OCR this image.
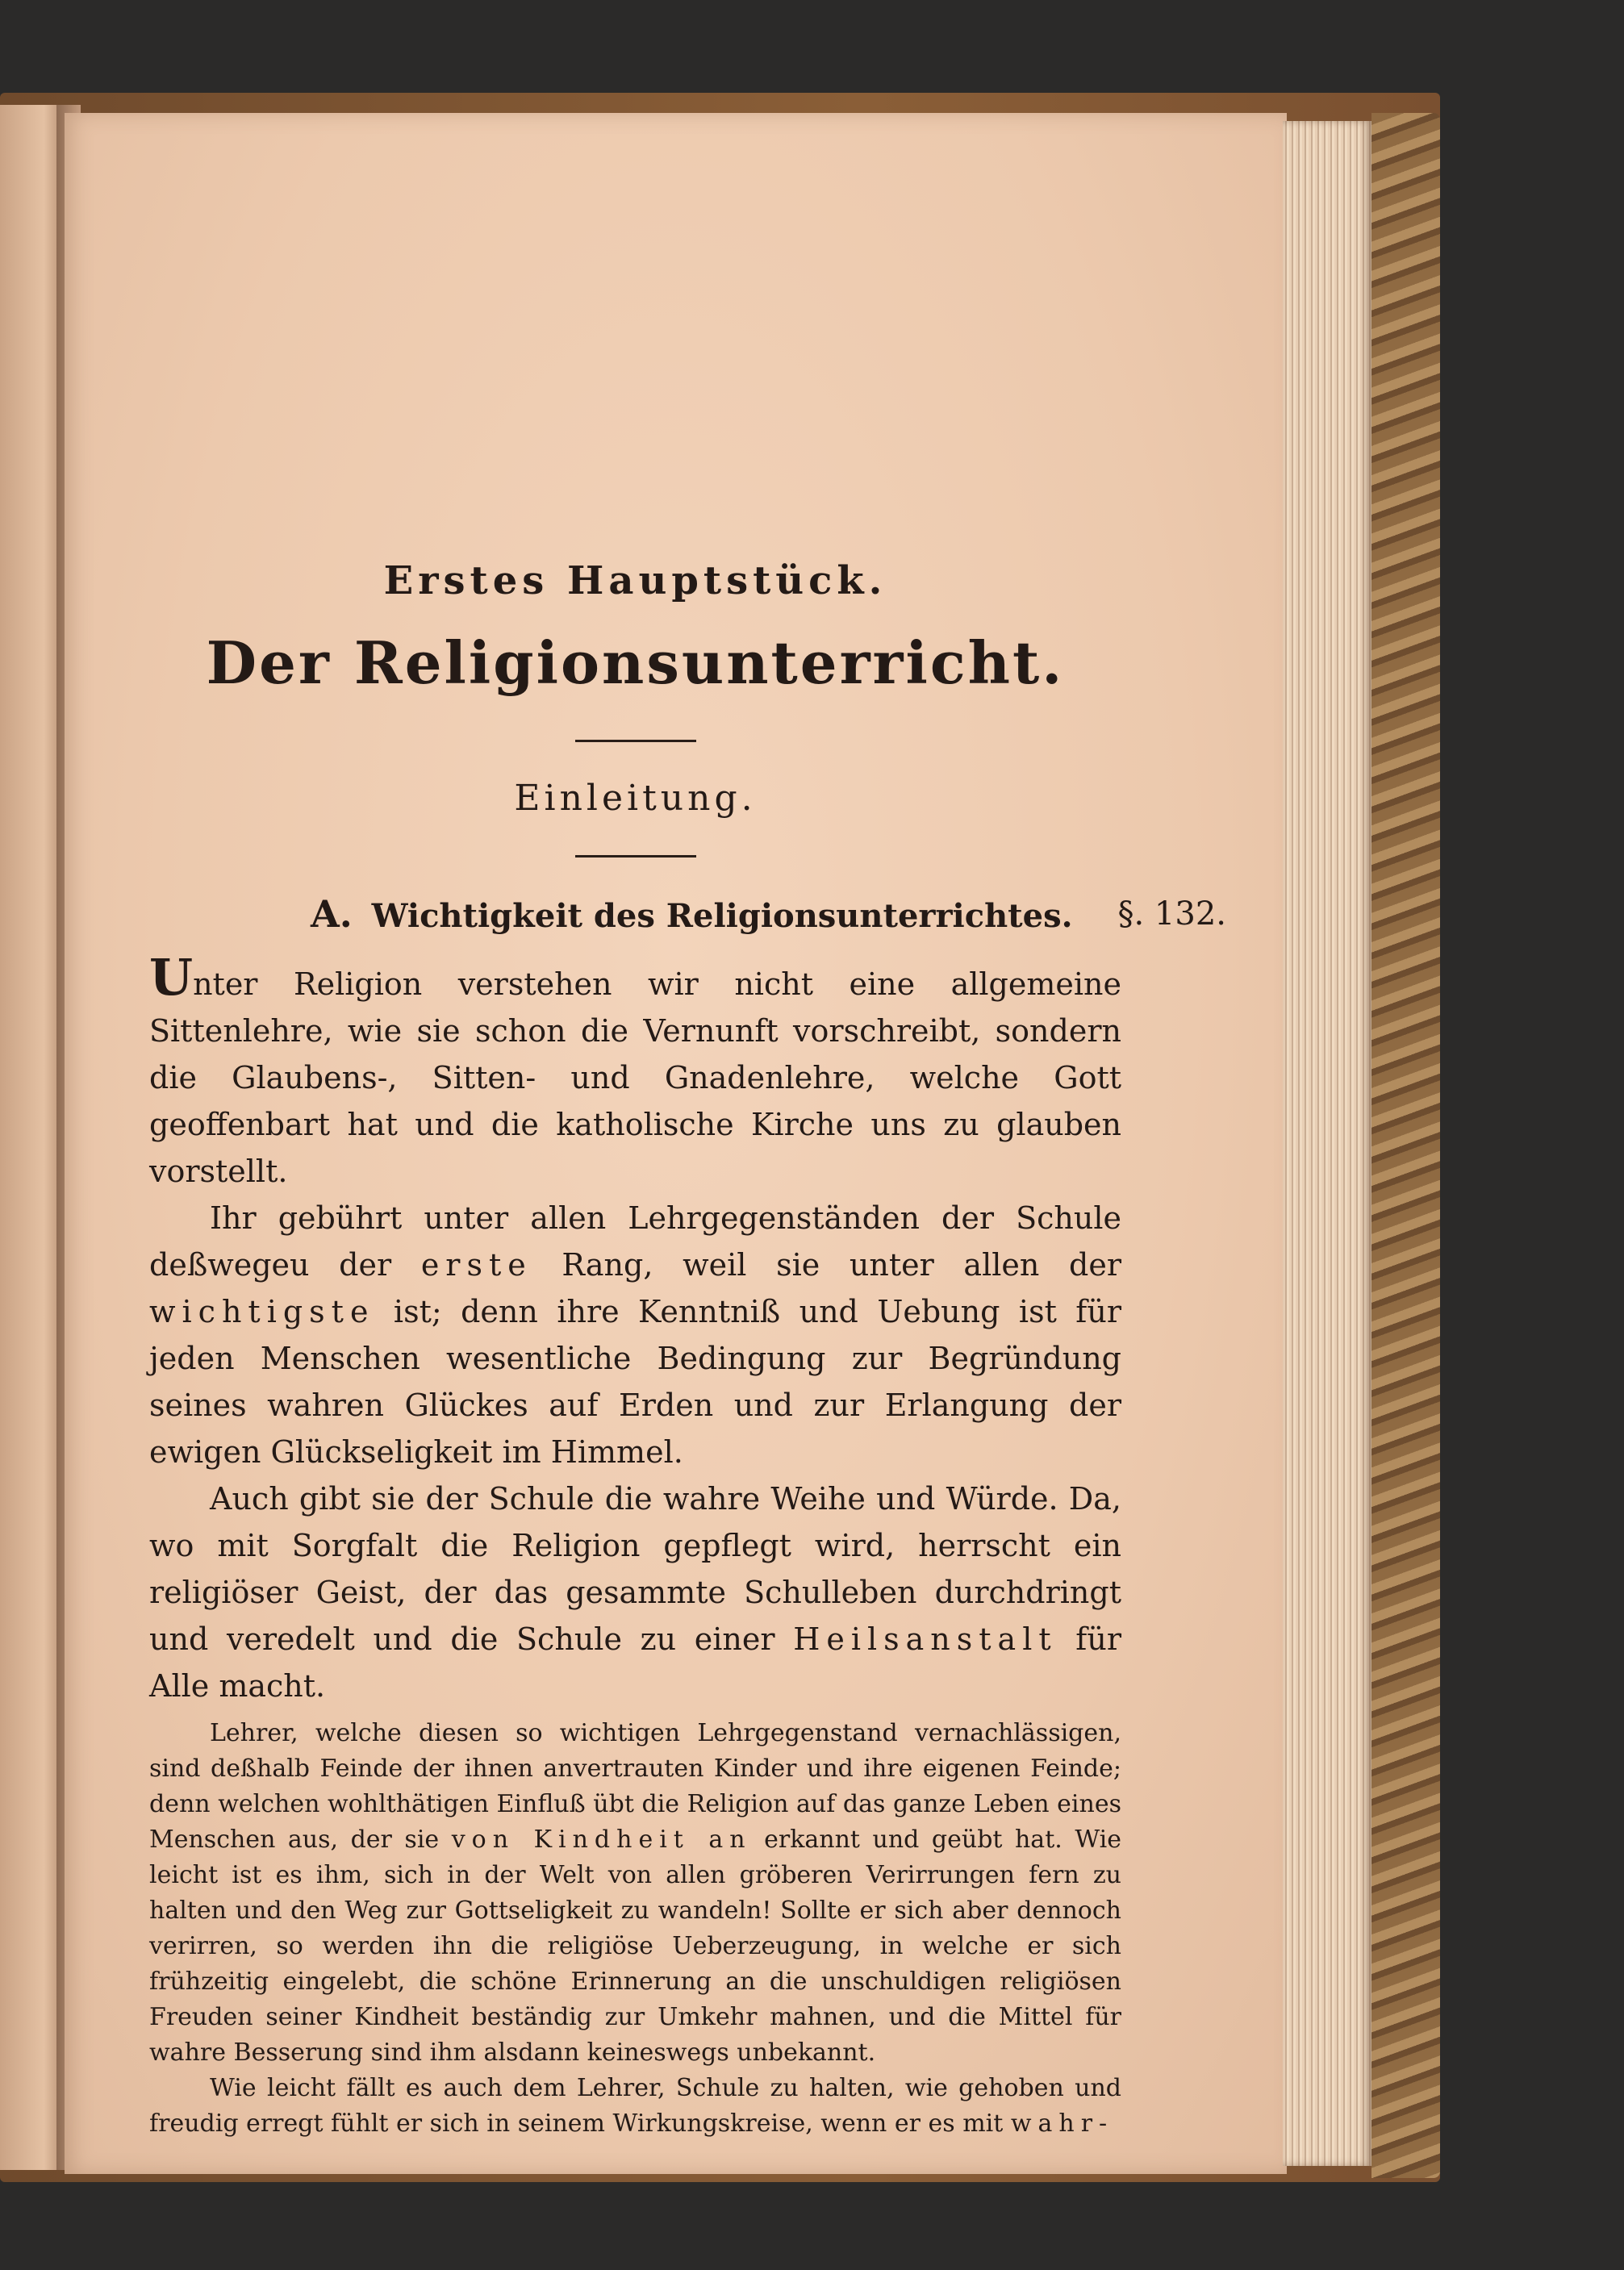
Erstes Hauptstück.

Der Religionsunterricht.

Einleitung.

A. Wichtigkeit des Religionsunterrichtes. §. 132.

Unter Religion verstehen wir nicht eine allgemeine Sittenlehre, wie sie schon die Vernunft vorschreibt, sondern die Glaubens-, Sitten- und Gnadenlehre, welche Gott geoffenbart hat und die katholische Kirche uns zu glauben vorstellt.

Ihr gebührt unter allen Lehrgegenständen der Schule deßwegeu der erste Rang, weil sie unter allen der wichtigste ist; denn ihre Kenntniß und Uebung ist für jeden Menschen wesentliche Bedingung zur Begründung seines wahren Glückes auf Erden und zur Erlangung der ewigen Glückseligkeit im Himmel.

Auch gibt sie der Schule die wahre Weihe und Würde. Da, wo mit Sorgfalt die Religion gepflegt wird, herrscht ein religiöser Geist, der das gesammte Schulleben durchdringt und veredelt und die Schule zu einer Heilsanstalt für Alle macht.

Lehrer, welche diesen so wichtigen Lehrgegenstand vernachlässigen, sind deßhalb Feinde der ihnen anvertrauten Kinder und ihre eigenen Feinde; denn welchen wohlthätigen Einfluß übt die Religion auf das ganze Leben eines Menschen aus, der sie von Kindheit an erkannt und geübt hat. Wie leicht ist es ihm, sich in der Welt von allen gröberen Verirrungen fern zu halten und den Weg zur Gottseligkeit zu wandeln! Sollte er sich aber dennoch verirren, so werden ihn die religiöse Ueberzeugung, in welche er sich frühzeitig eingelebt, die schöne Erinnerung an die unschuldigen religiösen Freuden seiner Kindheit beständig zur Umkehr mahnen, und die Mittel für wahre Besserung sind ihm alsdann keineswegs unbekannt.

Wie leicht fällt es auch dem Lehrer, Schule zu halten, wie gehoben und freudig erregt fühlt er sich in seinem Wirkungskreise, wenn er es mit wahr-
